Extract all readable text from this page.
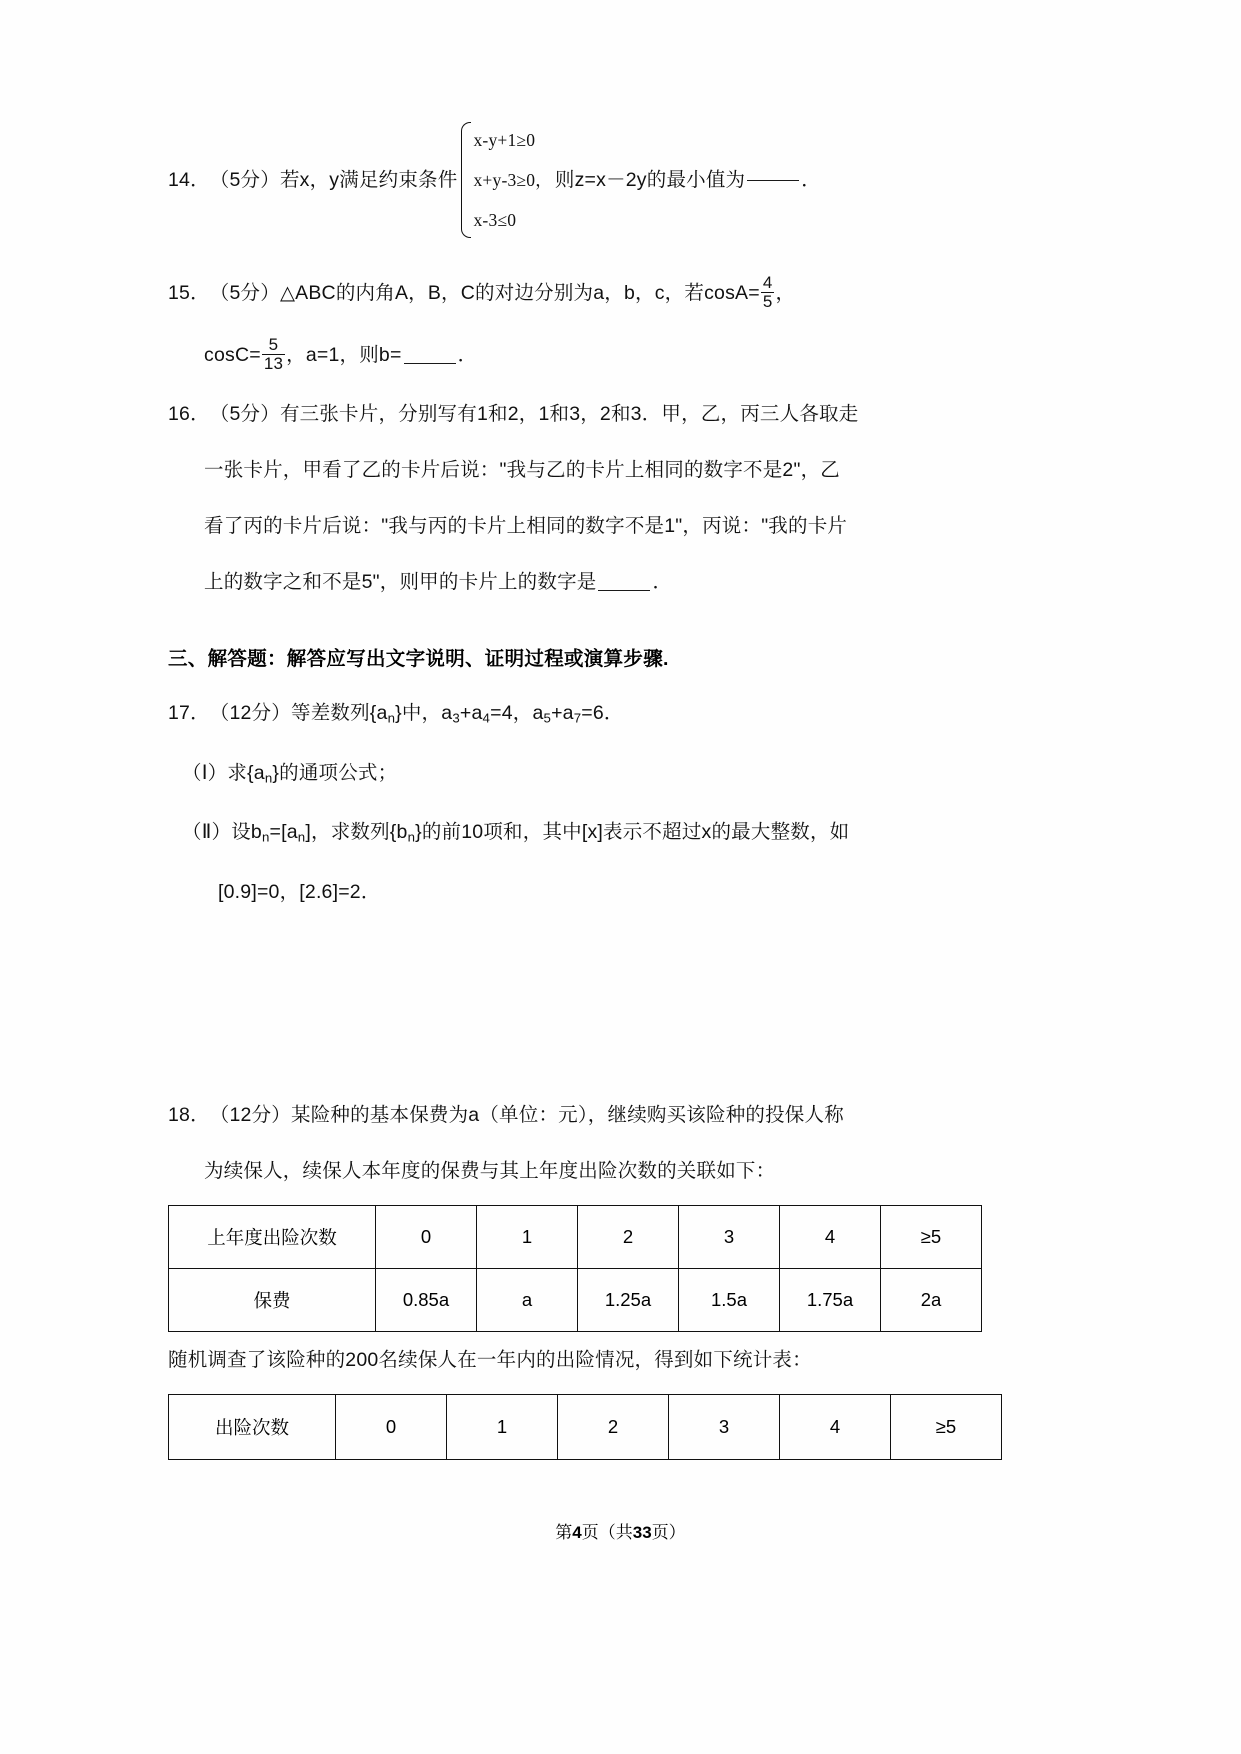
14． （5分） 若x，y满足约束条件
x-y+1≥0
x+y-3≥0，
x-3≤0
则z=x－2y的最小值为	．
15．（5分）△ABC的内角A，B，C的对边分别为a，b，c，若$\cos A= \frac{4}{5}$ ，
$\cos C= \frac{5}{13}$ ，a=1，则b=	．
16．（5分）有三张卡片，分别写有1和2，1和3，2和3．甲，乙，丙三人各取走
一张卡片，甲看了乙的卡片后说："我与乙的卡片上相同的数字不是2"，乙
看了丙的卡片后说："我与丙的卡片上相同的数字不是1"，丙说："我的卡片
上的数字之和不是5"，则甲的卡片上的数字是	．
三、解答题：解答应写出文字说明、证明过程或演算步骤.
17．（12分）等差数列$\{a_n\}$中，$a_3+a_4=4$，$a_5+a_7=6$．
（Ⅰ）求$\{a_n\}$的通项公式；
（Ⅱ）设$b_n=[a_n]$，求数列$\{b_n\}$的前10项和，其中[x]表示不超过x的最大整数，如
[0.9]=0，[2.6]=2．
18．（12分）某险种的基本保费为a（单位：元），继续购买该险种的投保人称
为续保人，续保人本年度的保费与其上年度出险次数的关联如下：
上年度出险次数	0	1	2	3	4	≥5
保费	0.85a	a	1.25a	1.5a	1.75a	2a
随机调查了该险种的200名续保人在一年内的出险情况，得到如下统计表：
出险次数	0	1	2	3	4	≥5
第4页（共33页）
